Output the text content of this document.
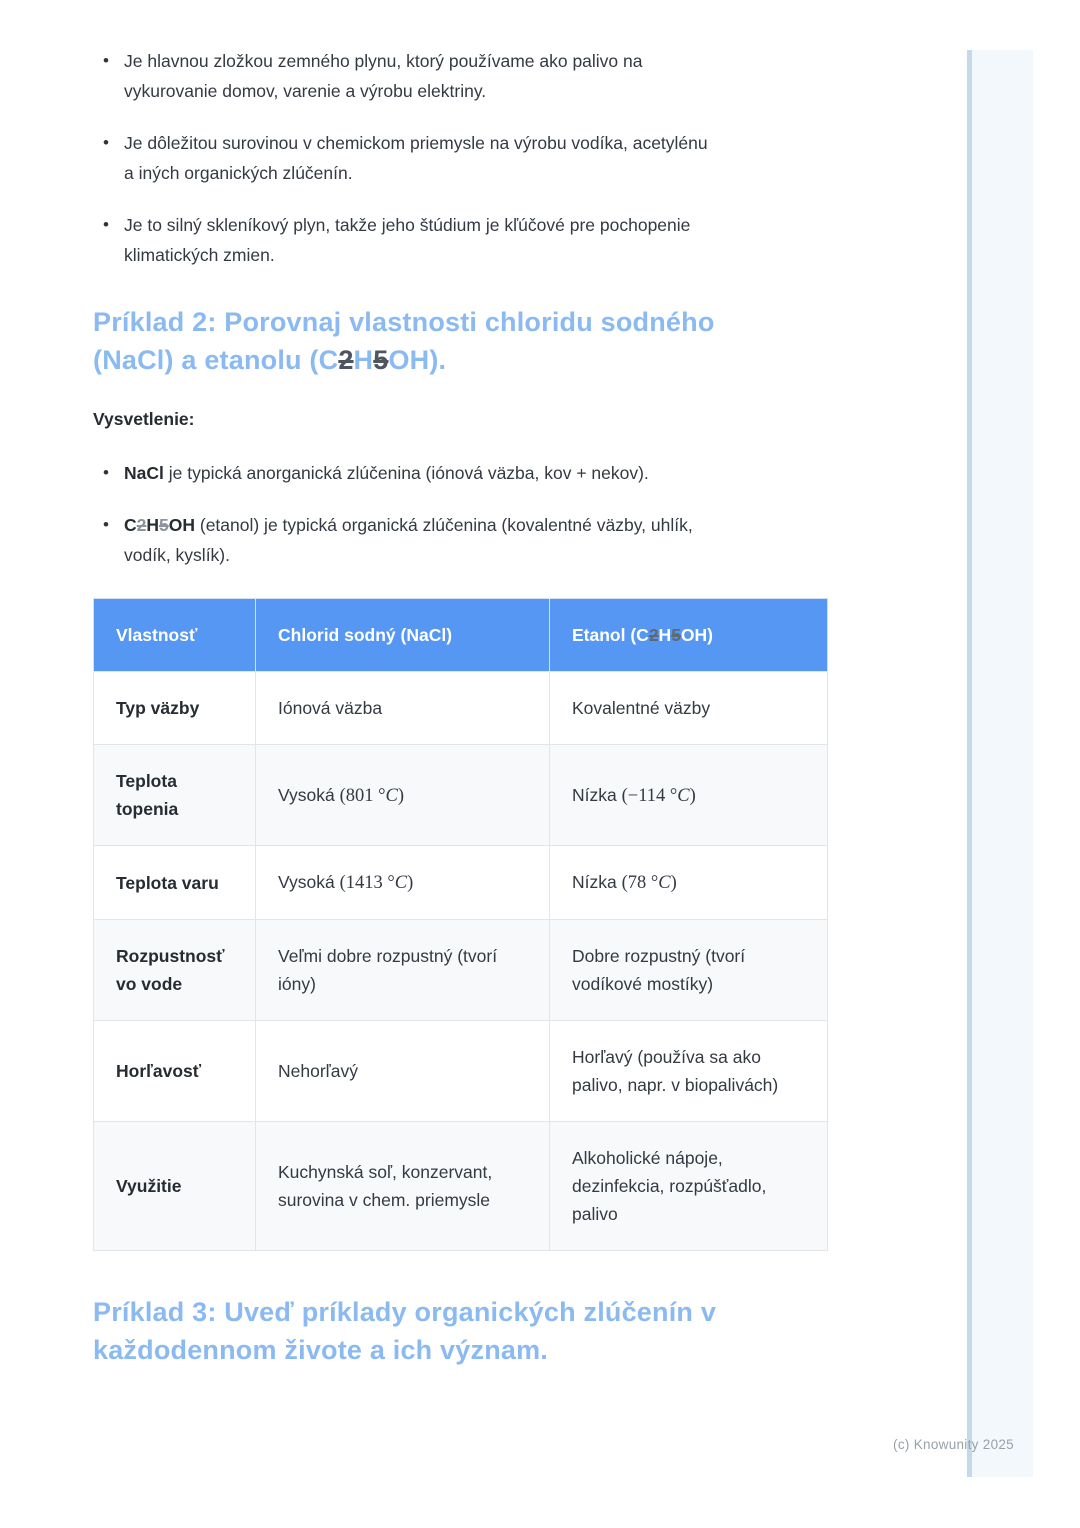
•
Je hlavnou zložkou zemného plynu, ktorý používame ako palivo na
vykurovanie domov, varenie a výrobu elektriny.
•
Je dôležitou surovinou v chemickom priemysle na výrobu vodíka, acetylénu
a iných organických zlúčenín.
•
Je to silný skleníkový plyn, takže jeho štúdium je kľúčové pre pochopenie
klimatických zmien.
Príklad 2: Porovnaj vlastnosti chloridu sodného
(NaCl) a etanolu (C2H5OH).

Vysvetlenie:

•
NaCl je typická anorganická zlúčenina (iónová väzba, kov + nekov).
•
C2H5OH (etanol) je typická organická zlúčenina (kovalentné väzby, uhlík,
vodík, kyslík).
Vlastnosť	Chlorid sodný (NaCl)	Etanol (C2H5OH)
Typ väzby	Iónová väzba	Kovalentné väzby
Teplota topenia	Vysoká (801 °C)	Nízka (−114 °C)
Teplota varu	Vysoká (1413 °C)	Nízka (78 °C)
Rozpustnosť vo vode	Veľmi dobre rozpustný (tvorí ióny)	Dobre rozpustný (tvorí vodíkové mostíky)
Horľavosť	Nehorľavý	Horľavý (používa sa ako palivo, napr. v biopalivách)
Využitie	Kuchynská soľ, konzervant, surovina v chem. priemysle	Alkoholické nápoje, dezinfekcia, rozpúšťadlo, palivo
Príklad 3: Uveď príklady organických zlúčenín v
každodennom živote a ich význam.
(c) Knowunity 2025
